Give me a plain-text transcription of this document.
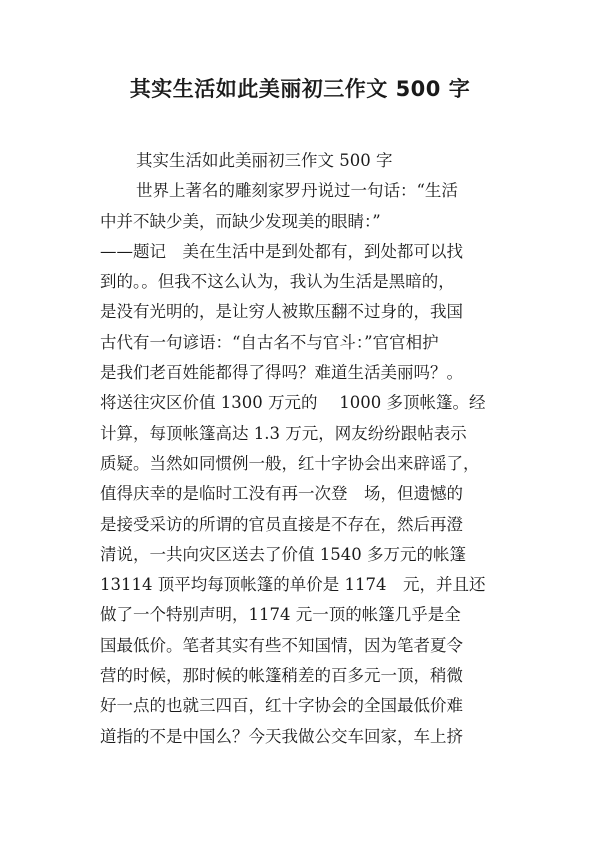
其实生活如此美丽初三作文 500 字
其实生活如此美丽初三作文 500 字
世界上著名的雕刻家罗丹说过一句话：“生活
中并不缺少美，而缺少发现美的眼睛：”
——题记　美在生活中是到处都有，到处都可以找
到的。。但我不这么认为，我认为生活是黑暗的，
是没有光明的，是让穷人被欺压翻不过身的，我国
古代有一句谚语：“自古名不与官斗：”官官相护
是我们老百姓能都得了得吗？难道生活美丽吗？。
将送往灾区价值 1300 万元的　 1000 多顶帐篷。经
计算，每顶帐篷高达 1.3 万元，网友纷纷跟帖表示
质疑。当然如同惯例一般，红十字协会出来辟谣了，
值得庆幸的是临时工没有再一次登　场，但遗憾的
是接受采访的所谓的官员直接是不存在，然后再澄
清说，一共向灾区送去了价值 1540 多万元的帐篷
13114 顶平均每顶帐篷的单价是 1174　元，并且还
做了一个特别声明，1174 元一顶的帐篷几乎是全
国最低价。笔者其实有些不知国情，因为笔者夏令
营的时候，那时候的帐篷稍差的百多元一顶，稍微
好一点的也就三四百，红十字协会的全国最低价难
道指的不是中国么？今天我做公交车回家，车上挤
